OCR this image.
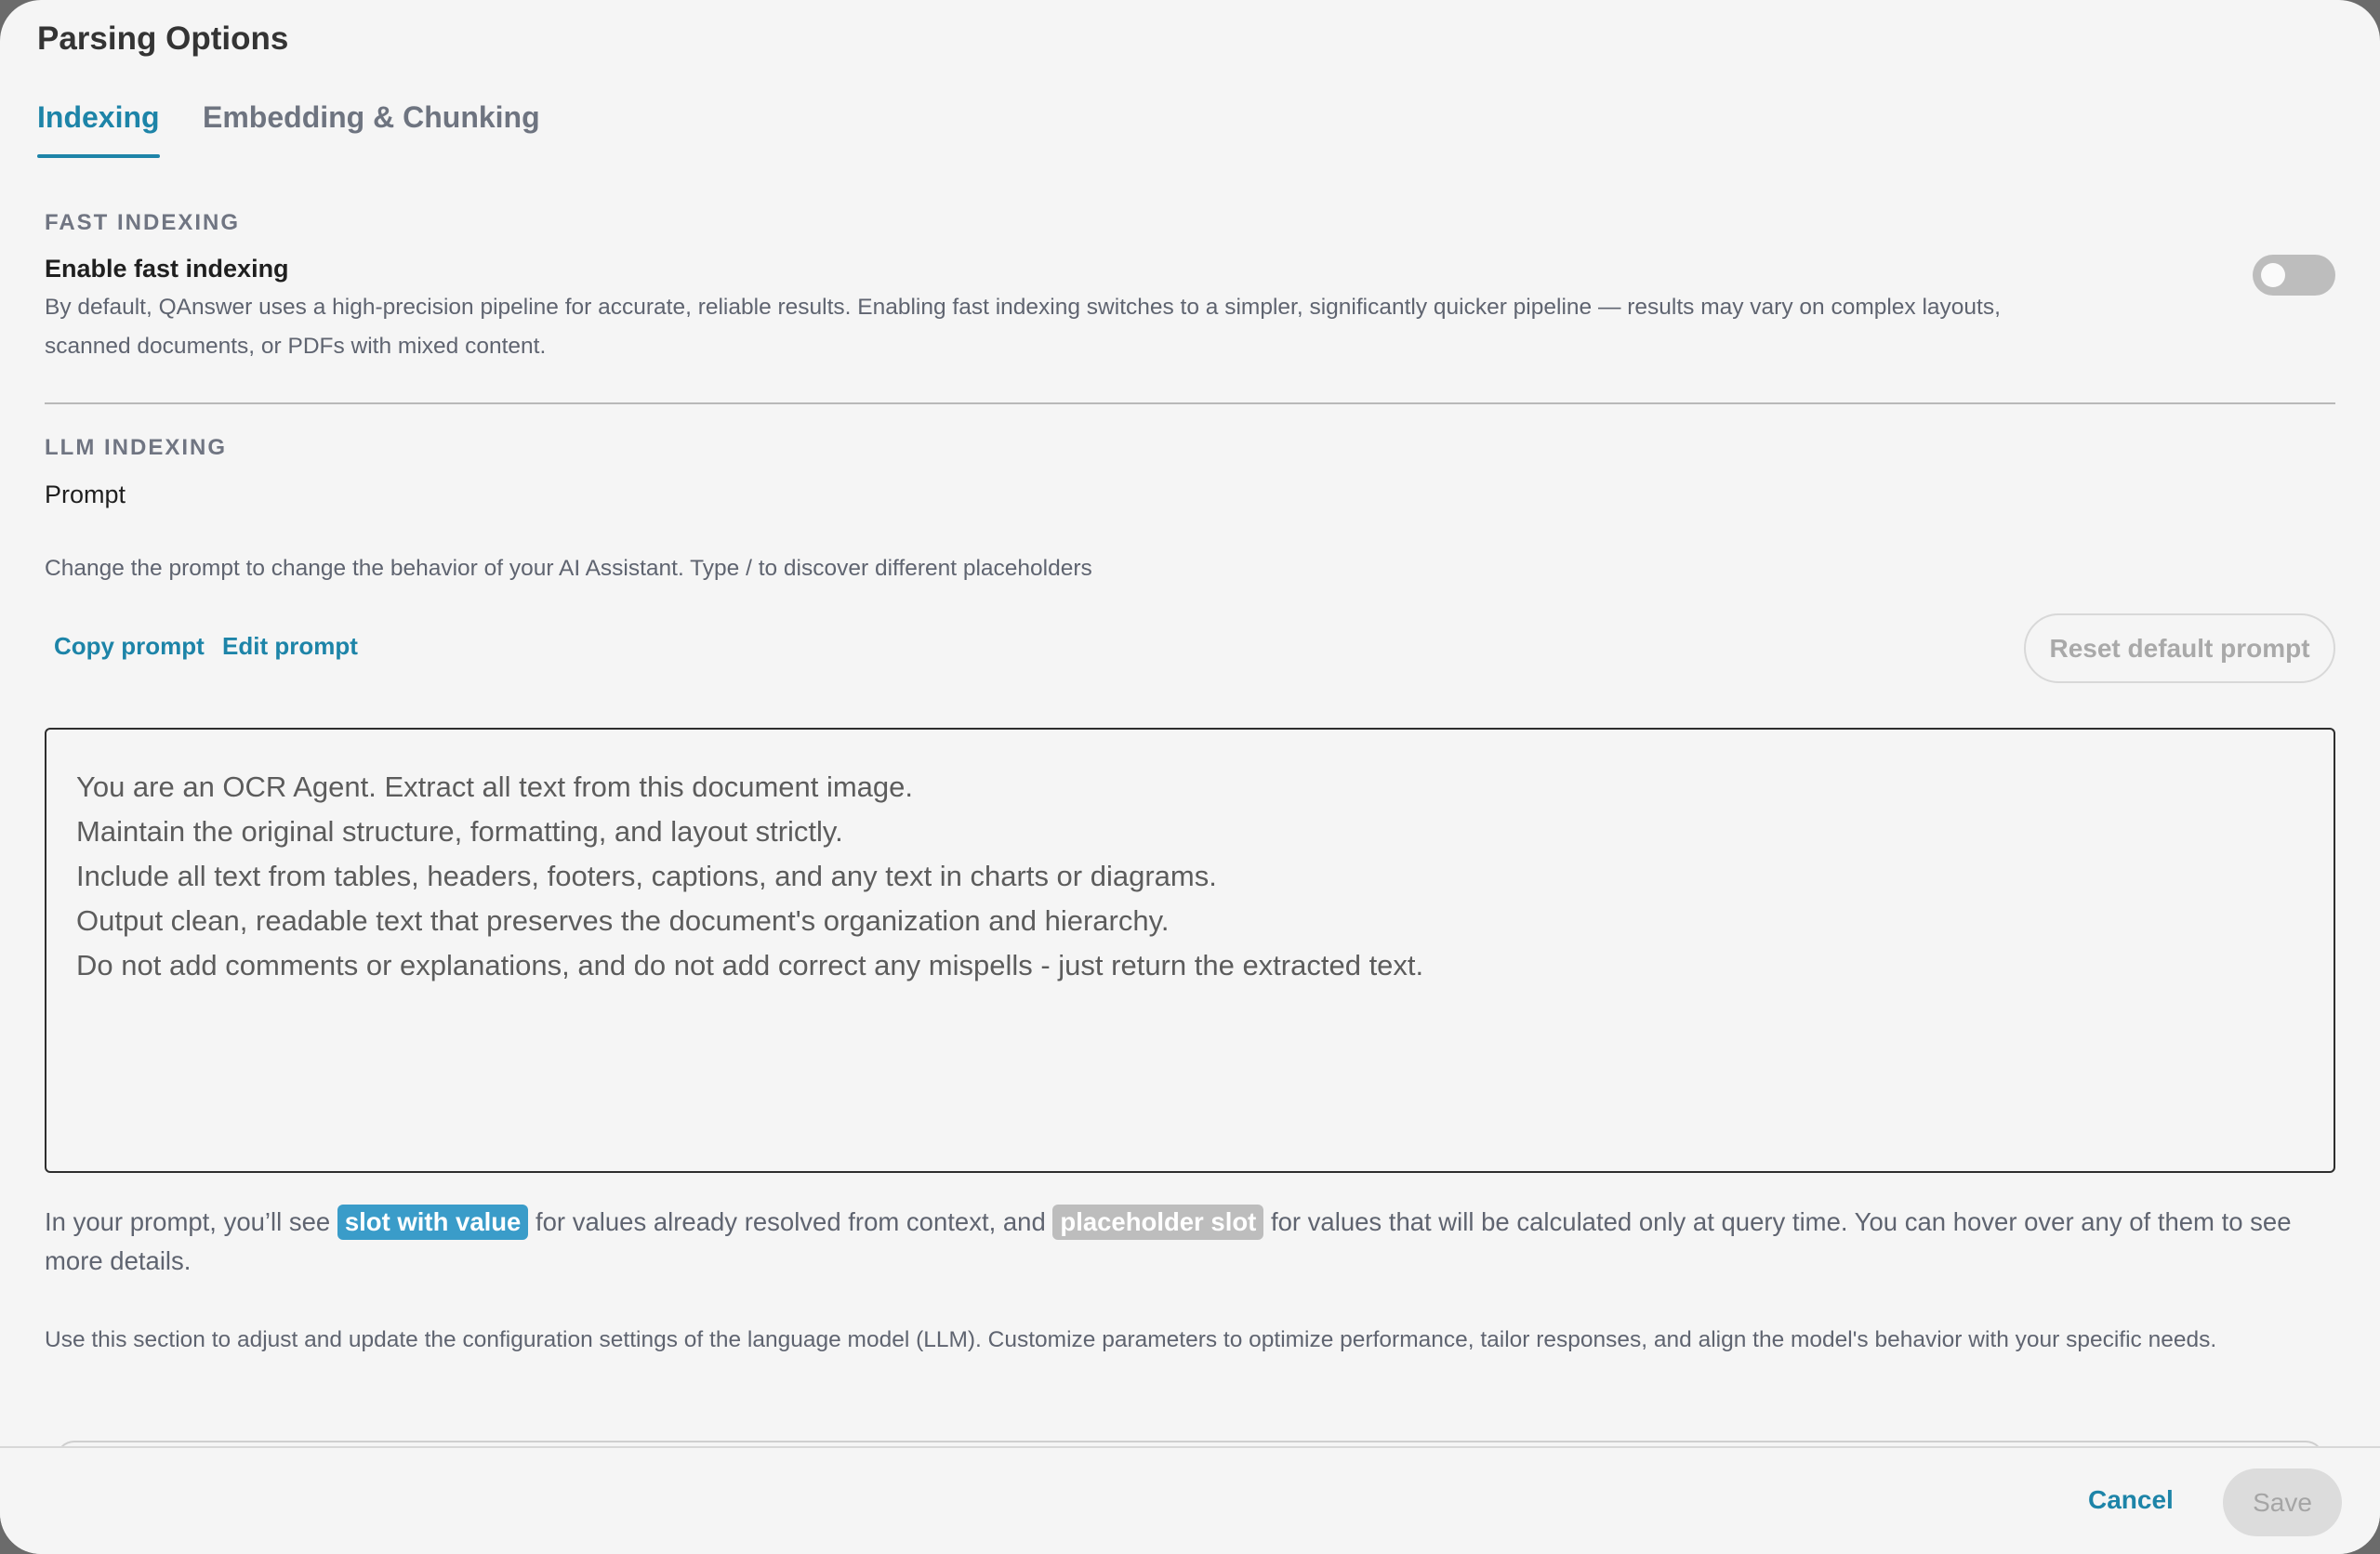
Parsing Options
Indexing Embedding & Chunking
FAST INDEXING
Enable fast indexing
By default, QAnswer uses a high-precision pipeline for accurate, reliable results. Enabling fast indexing switches to a simpler, significantly quicker pipeline — results may vary on complex layouts,
scanned documents, or PDFs with mixed content.
LLM INDEXING
Prompt
Change the prompt to change the behavior of your AI Assistant. Type / to discover different placeholders
Copy prompt Edit prompt	Reset default prompt
You are an OCR Agent. Extract all text from this document image.
Maintain the original structure, formatting, and layout strictly.
Include all text from tables, headers, footers, captions, and any text in charts or diagrams.
Output clean, readable text that preserves the document's organization and hierarchy.
Do not add comments or explanations, and do not add correct any mispells - just return the extracted text.
In your prompt, you’ll see slot with value for values already resolved from context, and placeholder slot for values that will be calculated only at query time. You can hover over any of them to see more details.
Use this section to adjust and update the configuration settings of the language model (LLM). Customize parameters to optimize performance, tailor responses, and align the model's behavior with your specific needs.
Cancel	Save
